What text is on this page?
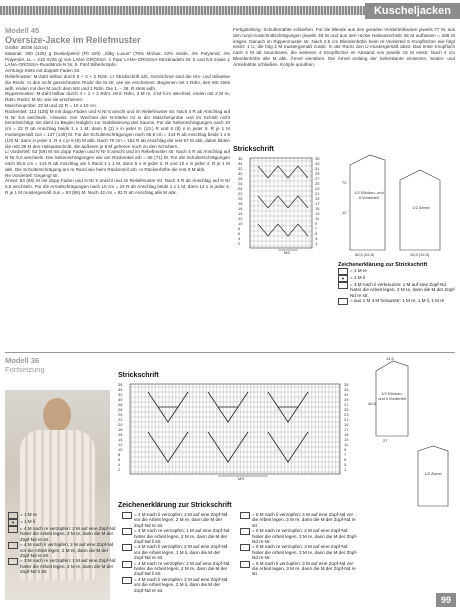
Kuscheljacken
Modell 45
Oversize-Jacke im Reliefmuster
Größe: 36/38 (42/44)
Material: 300 (325) g Dunkelpetrol (Fb 020) „Silky Luxus“ (78% Mohair, 22% Seide, 4% Polyamid, 4% Polyester, LL = 210 m/25 g) von LANA GROSSA. 1 Paar LANA-GROSSA-Stricknadeln Nr. 5 und 5,5 sowie 1 LANA-GROSSA-Rundstrick-N Nr. 5. Fünf Silberknöpfe.
Achtung! Stets mit doppelt Faden str.
Reliefmuster: M-Zahl teilbar durch 6 + 3 + 2 Rdm. Lt Strickschrift arb. Gezeichnet sind die Hin- und teilweise die Rückr. In den nicht gezeichneten Rückr die M str, wie sie erscheinen. Beginnen mit 1 Rdm, den MS stets wdh, enden mit den M nach dem MS und 1 Rdm. Die 1. – 36. R stets wdh.
Rippenmuster: M-Zahl teilbar durch 4 + 2 + 2 Rdm. Hinr: Rdm, 2 M re, 2 M li im Wechsel, enden mit 2 M re, Rdm. Rückr: M str, wie sie erscheinen.
Maschenprobe: 20 M und 22 R = 10 x 10 cm.
Rückenteil: 113 (125) M mit dopp Faden und N Nr 5 anschl und im Reliefmuster str. Nach 4 R ab Anschlag auf N Nr 5,5 wechseln. Hinweis: Der Wechsel der N-Stärke ist in der Maschenprobe und im Schnitt nicht berücksichtigt, sie dient zu Beginn lediglich zur Stabilisierung des Saums. Für die Seitenschrägungen nach 10 cm = 22 R ab Anschlag beids 1 x 1 M, dann 5 (2) x in jeder 8. (10.) R und 6 (8) x in jeder 6. R je 1 M mustergemäß zun = 137 (149) M. Für die Schulterschrägungen nach 65,5 cm = 144 R ab Anschlag beids 1 x 8 (10) M, dann in jeder 2. R 4 x je 8 (9) M abk. Nach 70 cm = 154 R ab Anschlag die rest 57 M abk, dabei bilden die mitt 39 M den Halsausschnitt, die äußeren je 8 M gehören noch zu den Schultern.
Li Vorderteil: 53 (59) M mit dopp Faden und N Nr 5 anschl und im Reliefmuster str. Nach 4 R ab Anschlag auf N Nr 5,5 wechseln. Die Seitenschrägungen wie am Rückenteil arb = 65 (71) M. Für die Schulterschrägungen nach 65,5 cm = 144 R ab Anschlag am li Rand 1 x 1 M, dann 5 x in jeder 2. R und 10 x in jeder 4. R je 1 M abk. Die Schulterschrägung am re Rand wie beim Rückenteil arb. In Rückenhöhe die rest 9 M abk.
Re Vorderteil: Gegengl str.
Ärmel: 53 (65) M mit dopp Faden und N Nr 5 anschl und im Reliefmuster str. Nach 4 R ab Anschlag auf N Nr 5,5 wechseln. Für die Armelschrägungen nach 10 cm = 22 R ab Anschlag beids 1 x 1 M, dann 14 x in jeder 4. R je 1 M mustergemäß zun = 83 (95) M. Nach 42 cm = 92 R ab Anschlag alle M abk.
Fertigstellung: Schulternähte schließen. Für die Blende aus den geraden Vorderteilkanten jeweils 77 M, aus den rund-Ausschnittschrägungen jeweils 38 M und aus den rückw Halsausschnitt 38 M auffassen = 268 M insges. Danach im Rippenmuster str. Nach 2,5 cm Blendenhöhe beim re Vorderteil 5 Knopflöcher wie folgt einstr: 1 U, die folg 2 M mustergemäß zusstr. In der Rückr den U mustergemäß abstr. Das erste Knopfloch nach 4 M ab Saumkante, die weiteren 4 Knopflöcher im Abstand von jeweils 15 M einstr. Nach 4 cm Blendenhöhe alle M abk. Ärmel einnähen. Die Ärmel entlang der Seitenkante einsetzen. Seiten- und Ärmelnähte schließen. Knöpfe annähen.
Strickschrift
35
33
31
29
27
25
23
21
19
17
15
13
11
9
7
5
3
1
36
34
32
30
28
26
24
22
20
18
16
14
12
10
8
6
4
2
MS
1/2 Rücken- und li Vorderteil
1/2 Ärmel
70
10
56,5 (62,5)	26,5 (32,5)
Zeichenerklärung zur Strickschrift
= 1 M re
= 1 M li
= 3 M nach li verkreuzen: 1 M auf eine Zopf-Nd hinter die Arbeit legen, 2 M re, dann die M der Zopf-Nd re str.
= aus 1 M 3 M herausstr: 1 M re, 1 M li, 1 M re
Modell 36
Fortsetzung
Strickschrift
35
33
31
29
27
25
23
21
19
17
15
13
11
9
7
5
3
1
36
34
32
30
28
26
24
22
20
18
16
14
12
10
8
6
4
2
MS
1/2 Rücken- und li Vorderteil
1/2 Ärmel
14,5
46,5
27
Zeichenerklärung zur Strickschrift
= 1 M re
= 1 M li
= 4 M nach re verzopfen: 2 M auf eine Zopf-Nd hinter die Arbeit legen, 2 M re, dann die M der Zopf-Nd re str.
= 4 M nach li verzopfen: 2 M auf eine Zopf-Nd vor die Arbeit legen, 2 M re, dann die M der Zopf-Nd re str.
= 3 M nach re verzopfen: 1 M auf eine Zopf-Nd hinter die Arbeit legen, 2 M re, dann die M der Zopf-Nd li str.
= 4 M nach li verzopfen: 2 M auf eine Zopf-Nd vor die Arbeit legen, 2 M re, dann die M der Zopf-Nd re str.
= 3 M nach re verzopfen: 1 M auf eine Zopf-Nd hinter die Arbeit legen, 2 M re, dann die M der Zopf-Nd li str.
= 3 M nach li verzopfen: 2 M auf eine Zopf-Nd vor die Arbeit legen, 1 M li, dann die M der Zopf-Nd re str.
= 4 M nach re verzopfen: 2 M auf eine Zopf-Nd hinter die Arbeit legen, 2 M re, dann die M der Zopf-Nd li str.
= 4 M nach li verzopfen: 2 M auf eine Zopf-Nd vor die Arbeit legen, 2 M li, dann die M der Zopf-Nd re str.
= 5 M nach li verzopfen: 3 M auf eine Zopf-Nd vor die Arbeit legen, 2 M re, dann die M der Zopf-Nd re str.
= 5 M nach re verzopfen: 2 M auf eine Zopf-Nd hinter die Arbeit legen, 3 M re, dann die M der Zopf-Nd re str.
= 6 M nach re verzopfen: 3 M auf eine Zopf-Nd hinter die Arbeit legen, 3 M re, dann die M der Zopf-Nd re str.
= 6 M nach li verzopfen: 3 M auf eine Zopf-Nd vor die Arbeit legen, 3 M re, dann die M der Zopf-Nd re str.
99
